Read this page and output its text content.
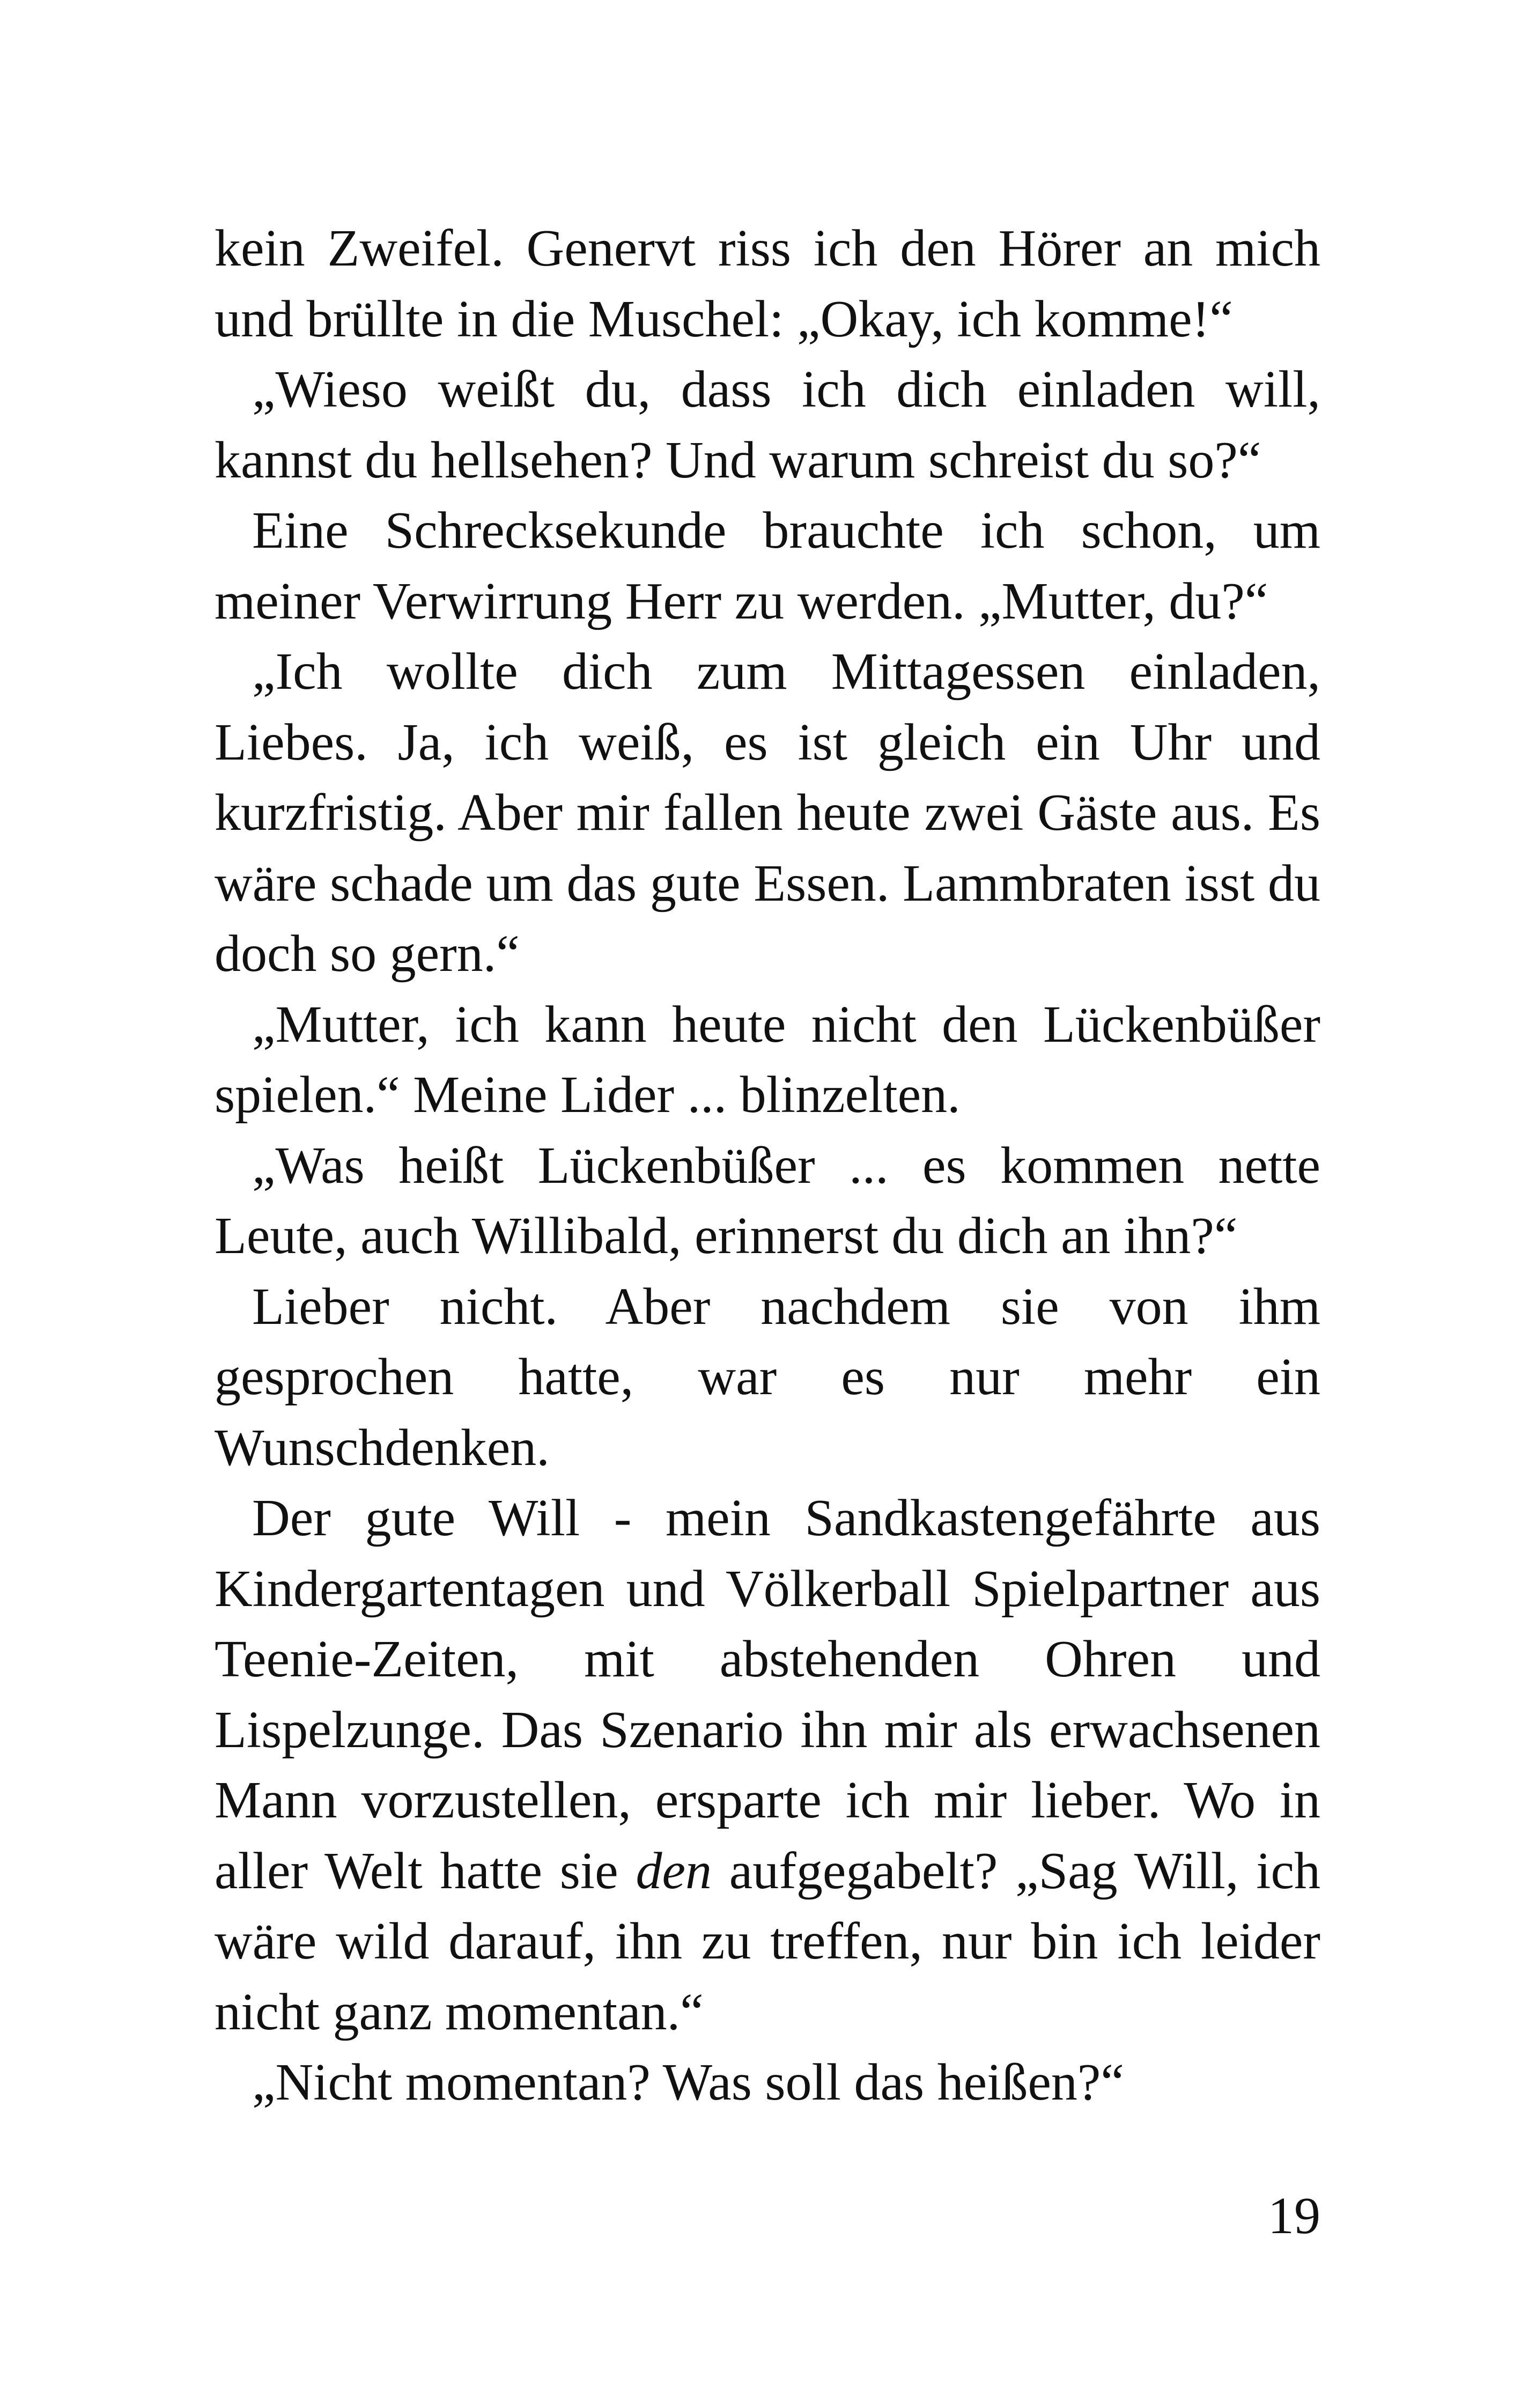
kein Zweifel. Genervt riss ich den Hörer an mich und brüllte in die Muschel: „Okay, ich komme!“

„Wieso weißt du, dass ich dich einladen will, kannst du hellsehen? Und warum schreist du so?“

Eine Schrecksekunde brauchte ich schon, um meiner Verwirrung Herr zu werden. „Mutter, du?“

„Ich wollte dich zum Mittagessen einladen, Liebes. Ja, ich weiß, es ist gleich ein Uhr und kurzfristig. Aber mir fallen heute zwei Gäste aus. Es wäre schade um das gute Essen. Lammbraten isst du doch so gern.“

„Mutter, ich kann heute nicht den Lückenbüßer spielen.“ Meine Lider ... blinzelten.

„Was heißt Lückenbüßer ... es kommen nette Leute, auch Willibald, erinnerst du dich an ihn?“

Lieber nicht. Aber nachdem sie von ihm gesprochen hatte, war es nur mehr ein Wunschdenken.

Der gute Will - mein Sandkastengefährte aus Kindergartentagen und Völkerball Spielpartner aus Teenie-Zeiten, mit abstehenden Ohren und Lispelzunge. Das Szenario ihn mir als erwachsenen Mann vorzustellen, ersparte ich mir lieber. Wo in aller Welt hatte sie den aufgegabelt? „Sag Will, ich wäre wild darauf, ihn zu treffen, nur bin ich leider nicht ganz momentan.“

„Nicht momentan? Was soll das heißen?“

19
